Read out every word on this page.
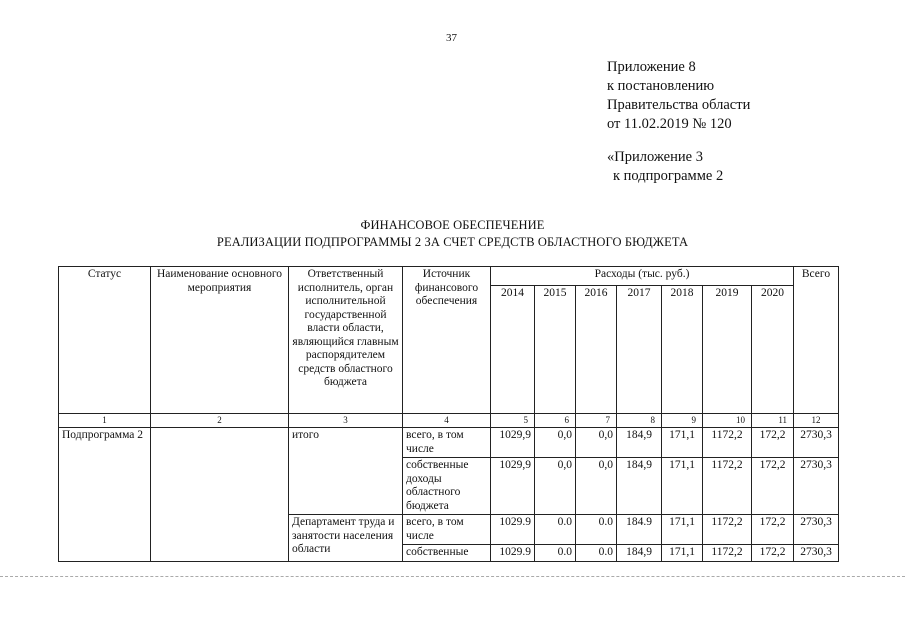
37
Приложение 8
к постановлению
Правительства области
от 11.02.2019 № 120
«Приложение 3
к подпрограмме 2
ФИНАНСОВОЕ ОБЕСПЕЧЕНИЕ
РЕАЛИЗАЦИИ ПОДПРОГРАММЫ 2 ЗА СЧЕТ СРЕДСТВ ОБЛАСТНОГО БЮДЖЕТА
Статус	Наименование основного мероприятия	Ответственный исполнитель, орган исполнительной государственной власти области, являющийся главным распорядителем средств областного бюджета	Источник финансового обеспечения	Расходы (тыс. руб.)							Всего
				2014	2015	2016	2017	2018	2019	2020	
1	2	3	4	5	6	7	8	9	10	11	12
Подпрограмма 2		итого	всего, в том числе	1029,9	0,0	0,0	184,9	171,1	1172,2	172,2	2730,3
			собственные доходы областного бюджета	1029,9	0,0	0,0	184,9	171,1	1172,2	172,2	2730,3
		Департамент труда и занятости населения области	всего, в том числе	1029.9	0.0	0.0	184.9	171,1	1172,2	172,2	2730,3
			собственные	1029.9	0.0	0.0	184,9	171,1	1172,2	172,2	2730,3
